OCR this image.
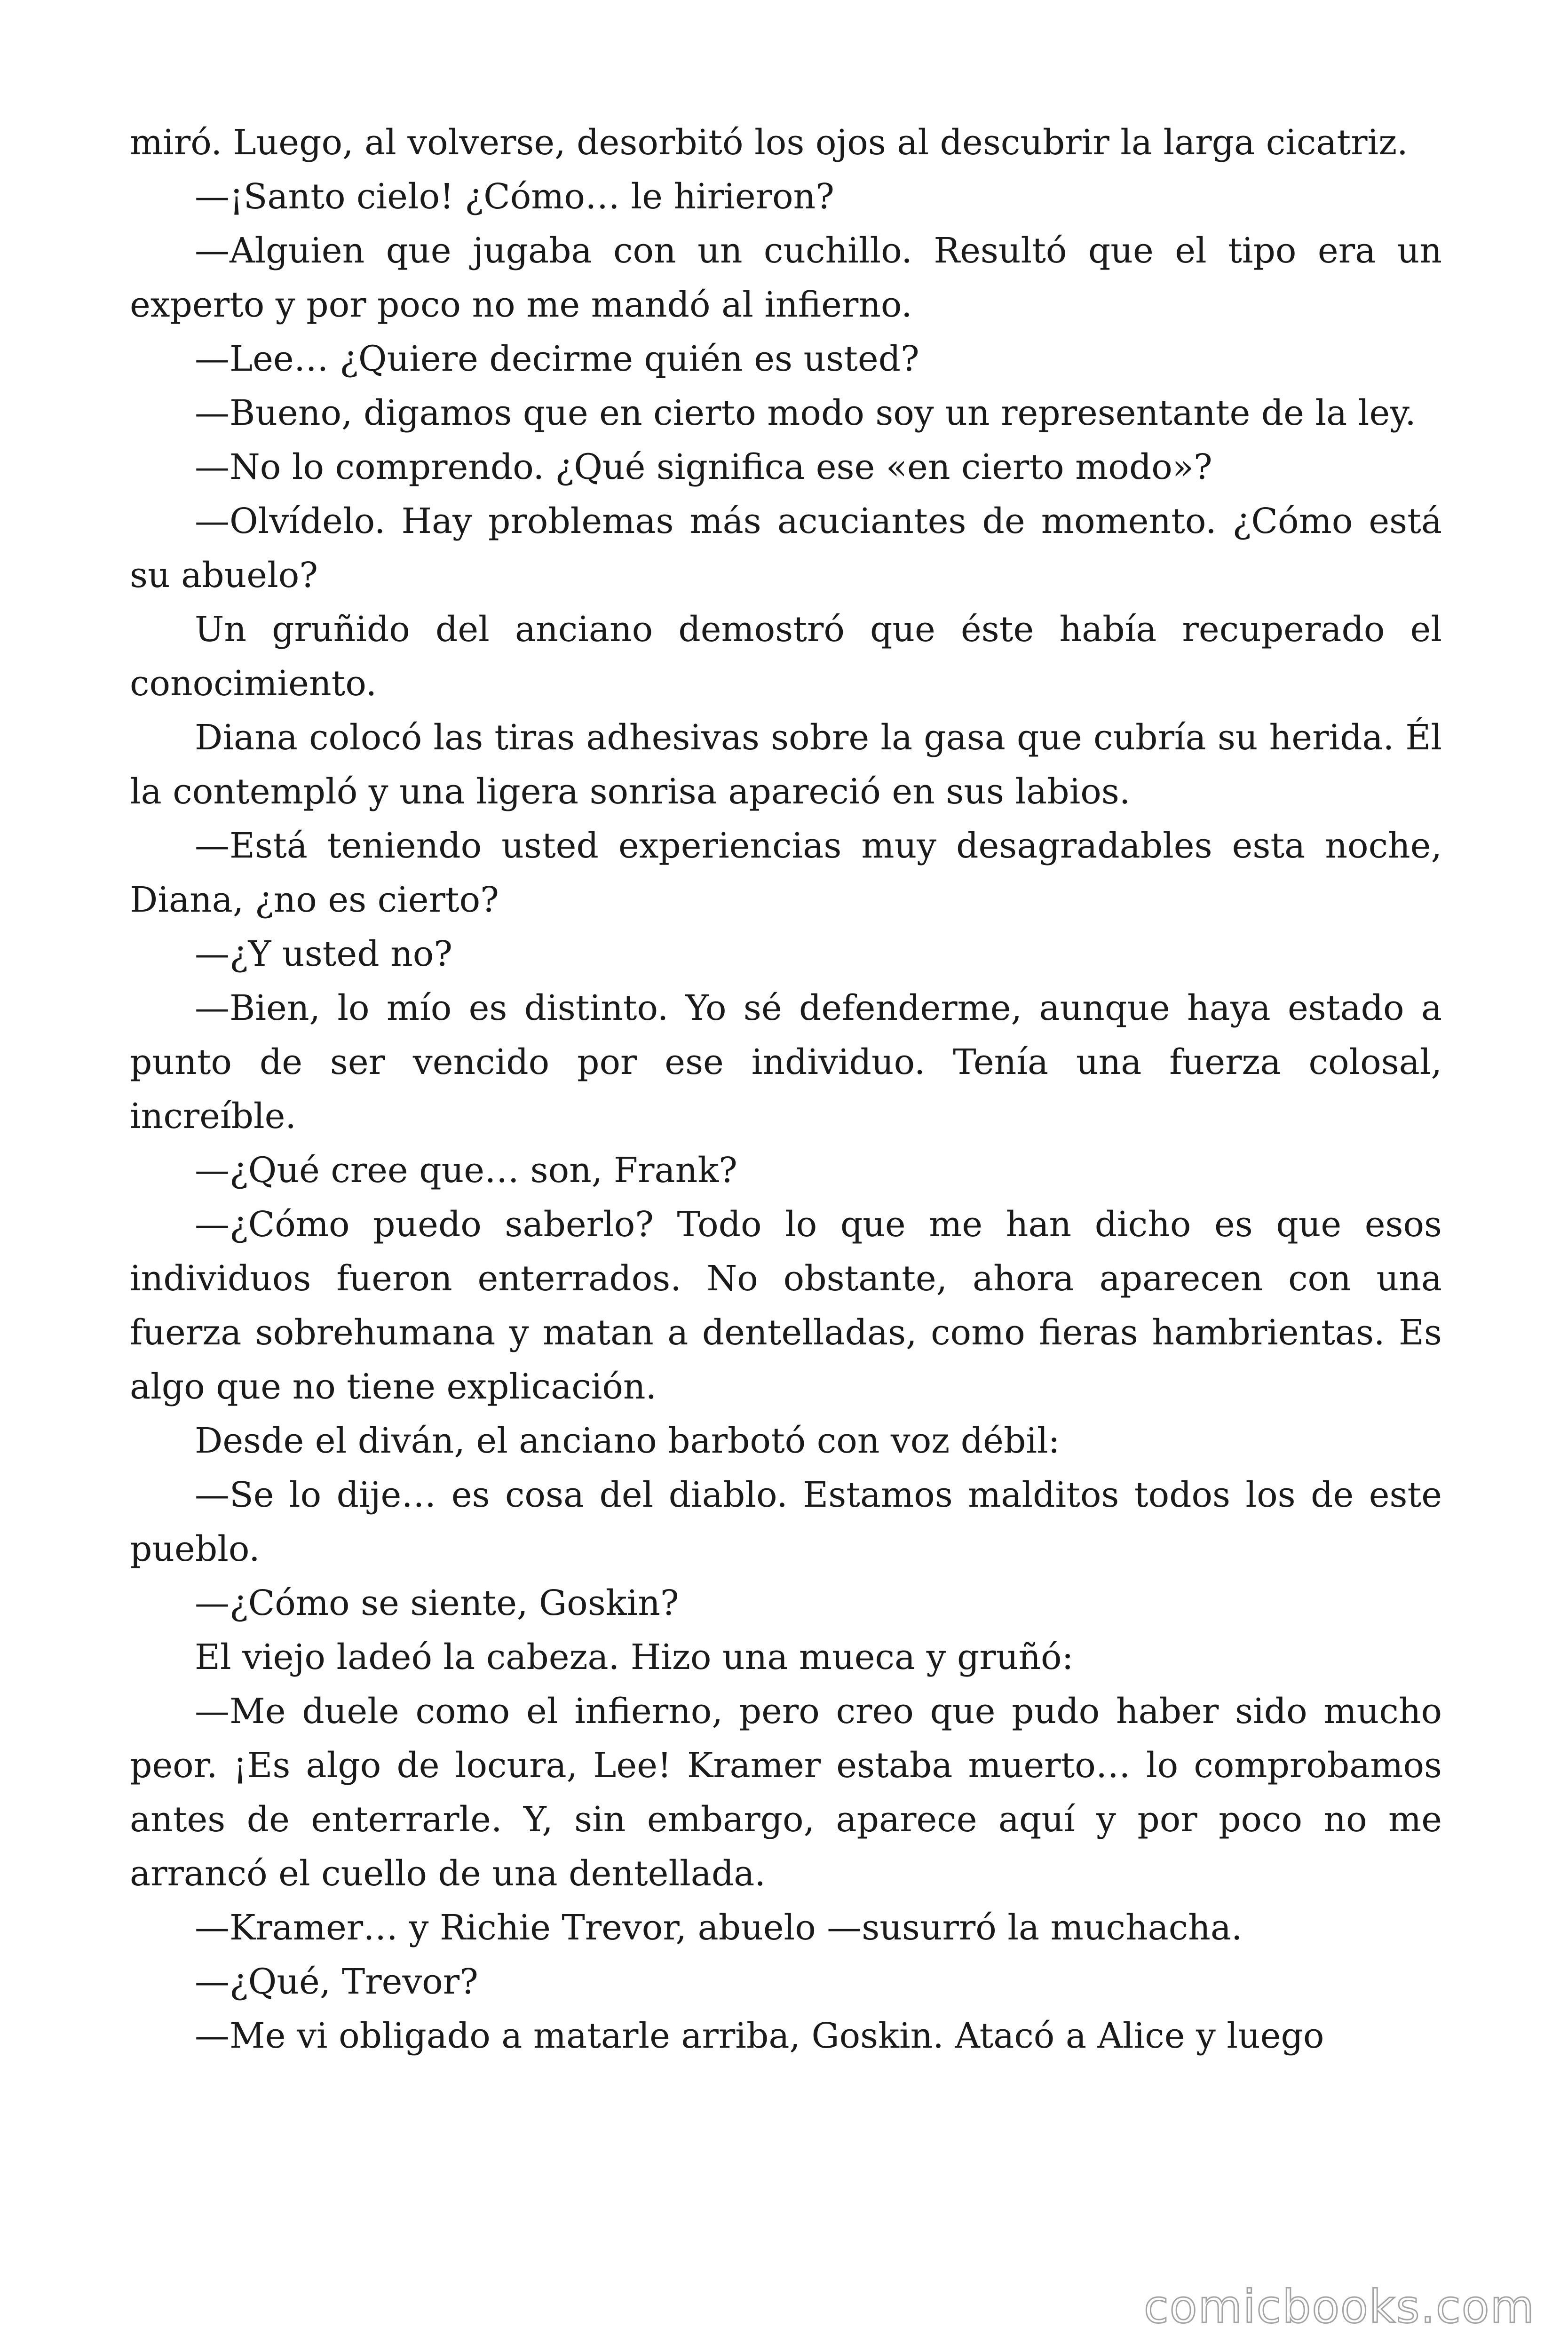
miró. Luego, al volverse, desorbitó los ojos al descubrir la larga cicatriz.

—¡Santo cielo! ¿Cómo… le hirieron?

—Alguien que jugaba con un cuchillo. Resultó que el tipo era un experto y por poco no me mandó al infierno.

—Lee… ¿Quiere decirme quién es usted?

—Bueno, digamos que en cierto modo soy un representante de la ley.

—No lo comprendo. ¿Qué significa ese «en cierto modo»?

—Olvídelo. Hay problemas más acuciantes de momento. ¿Cómo está su abuelo?

Un gruñido del anciano demostró que éste había recuperado el conocimiento.

Diana colocó las tiras adhesivas sobre la gasa que cubría su herida. Él la contempló y una ligera sonrisa apareció en sus labios.

—Está teniendo usted experiencias muy desagradables esta noche, Diana, ¿no es cierto?

—¿Y usted no?

—Bien, lo mío es distinto. Yo sé defenderme, aunque haya estado a punto de ser vencido por ese individuo. Tenía una fuerza colosal, increíble.

—¿Qué cree que… son, Frank?

—¿Cómo puedo saberlo? Todo lo que me han dicho es que esos individuos fueron enterrados. No obstante, ahora aparecen con una fuerza sobrehumana y matan a dentelladas, como fieras hambrientas. Es algo que no tiene explicación.

Desde el diván, el anciano barbotó con voz débil:

—Se lo dije… es cosa del diablo. Estamos malditos todos los de este pueblo.

—¿Cómo se siente, Goskin?

El viejo ladeó la cabeza. Hizo una mueca y gruñó:

—Me duele como el infierno, pero creo que pudo haber sido mucho peor. ¡Es algo de locura, Lee! Kramer estaba muerto… lo comprobamos antes de enterrarle. Y, sin embargo, aparece aquí y por poco no me arrancó el cuello de una dentellada.

—Kramer… y Richie Trevor, abuelo —susurró la muchacha.

—¿Qué, Trevor?

—Me vi obligado a matarle arriba, Goskin. Atacó a Alice y luego

comicbooks.com
